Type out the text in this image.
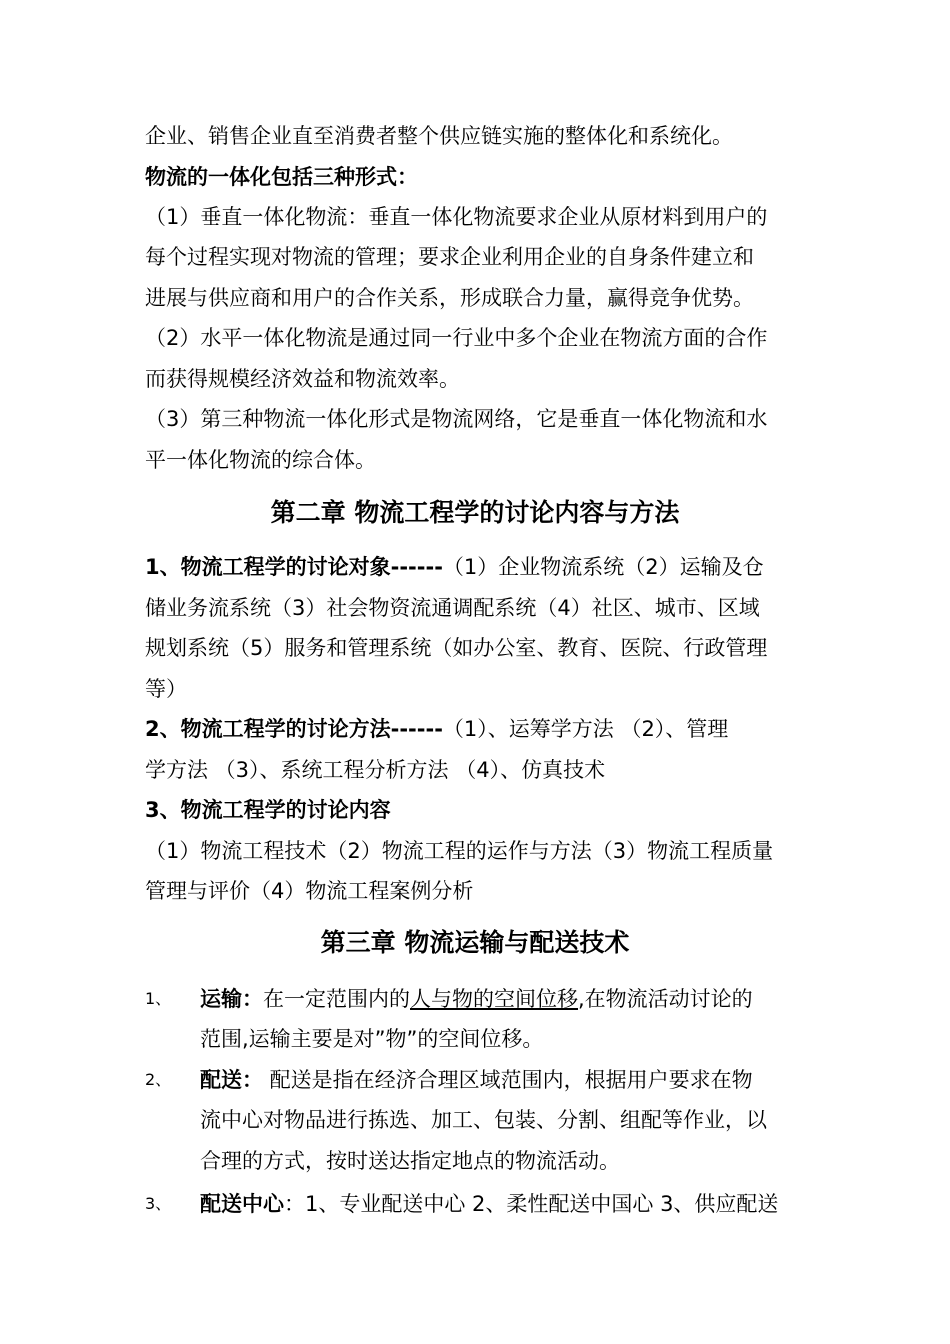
企业、销售企业直至消费者整个供应链实施的整体化和系统化。
物流的一体化包括三种形式：
（1）垂直一体化物流：垂直一体化物流要求企业从原材料到用户的
每个过程实现对物流的管理；要求企业利用企业的自身条件建立和
进展与供应商和用户的合作关系，形成联合力量，赢得竞争优势。
（2）水平一体化物流是通过同一行业中多个企业在物流方面的合作
而获得规模经济效益和物流效率。
（3）第三种物流一体化形式是物流网络，它是垂直一体化物流和水
平一体化物流的综合体。
第二章 物流工程学的讨论内容与方法
1、物流工程学的讨论对象------（1）企业物流系统（2）运输及仓
储业务流系统（3）社会物资流通调配系统（4）社区、城市、区域
规划系统（5）服务和管理系统（如办公室、教育、医院、行政管理
等）
2、物流工程学的讨论方法------（1）、运筹学方法 （2）、管理
学方法 （3）、系统工程分析方法 （4）、仿真技术
3、物流工程学的讨论内容
（1）物流工程技术（2）物流工程的运作与方法（3）物流工程质量
管理与评价（4）物流工程案例分析
第三章 物流运输与配送技术
1、 运输：在一定范围内的人与物的空间位移,在物流活动讨论的
范围,运输主要是对”物”的空间位移。
2、 配送： 配送是指在经济合理区域范围内，根据用户要求在物
流中心对物品进行拣选、加工、包装、分割、组配等作业，以
合理的方式，按时送达指定地点的物流活动。
3、 配送中心：1、专业配送中心 2、柔性配送中国心 3、供应配送
